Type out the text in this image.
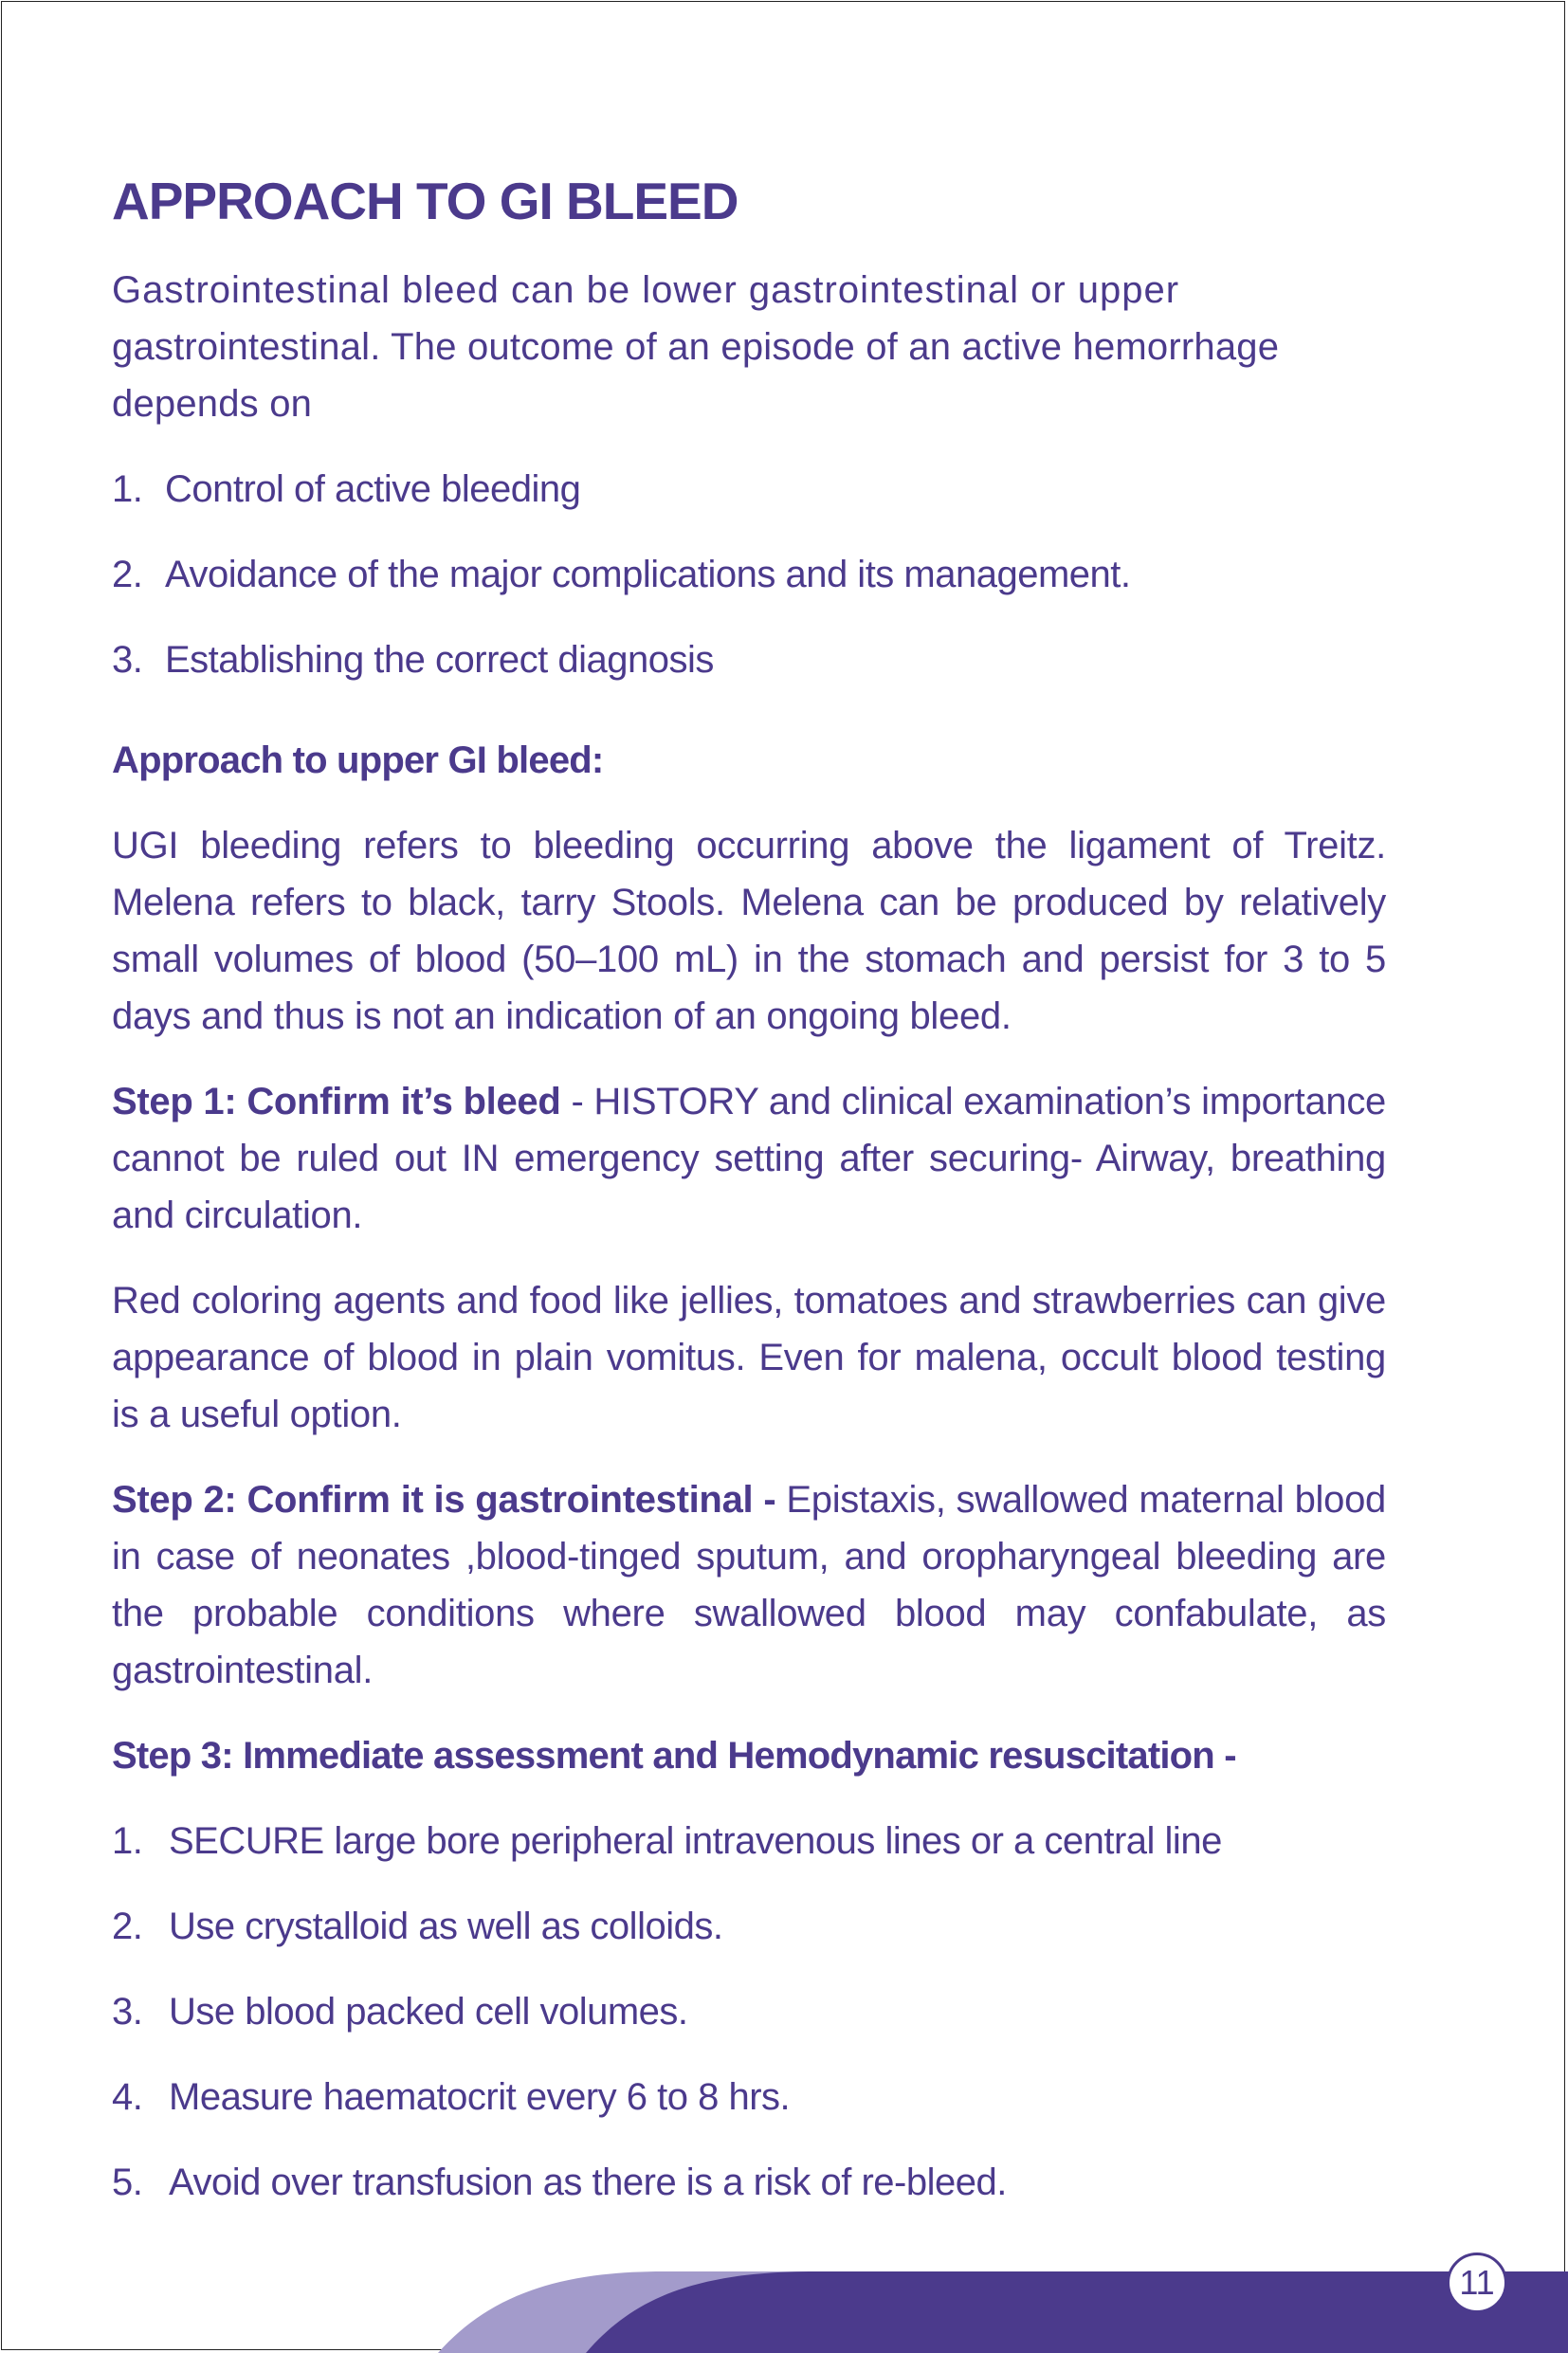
APPROACH TO GI BLEED

Gastrointestinal bleed can be lower gastrointestinal or upper

gastrointestinal. The outcome of an episode of an active hemorrhage depends on

1. Control of active bleeding
2. Avoidance of the major complications and its management.
3. Establishing the correct diagnosis
Approach to upper GI bleed:

UGI bleeding refers to bleeding occurring above the ligament of Treitz. Melena refers to black, tarry Stools. Melena can be produced by relatively small volumes of blood (50–100 mL) in the stomach and persist for 3 to 5 days and thus is not an indication of an ongoing bleed.

Step 1: Confirm it’s bleed - HISTORY and clinical examination’s importance cannot be ruled out IN emergency setting after securing- Airway, breathing and circulation.

Red coloring agents and food like jellies, tomatoes and strawberries can give appearance of blood in plain vomitus. Even for malena, occult blood testing is a useful option.

Step 2: Confirm it is gastrointestinal - Epistaxis, swallowed maternal blood in case of neonates ,blood-tinged sputum, and oropharyngeal bleeding are the probable conditions where swallowed blood may confabulate, as gastrointestinal.

Step 3: Immediate assessment and Hemodynamic resuscitation -
1. SECURE large bore peripheral intravenous lines or a central line
2. Use crystalloid as well as colloids.
3. Use blood packed cell volumes.
4. Measure haematocrit every 6 to 8 hrs.
5. Avoid over transfusion as there is a risk of re-bleed.
11
